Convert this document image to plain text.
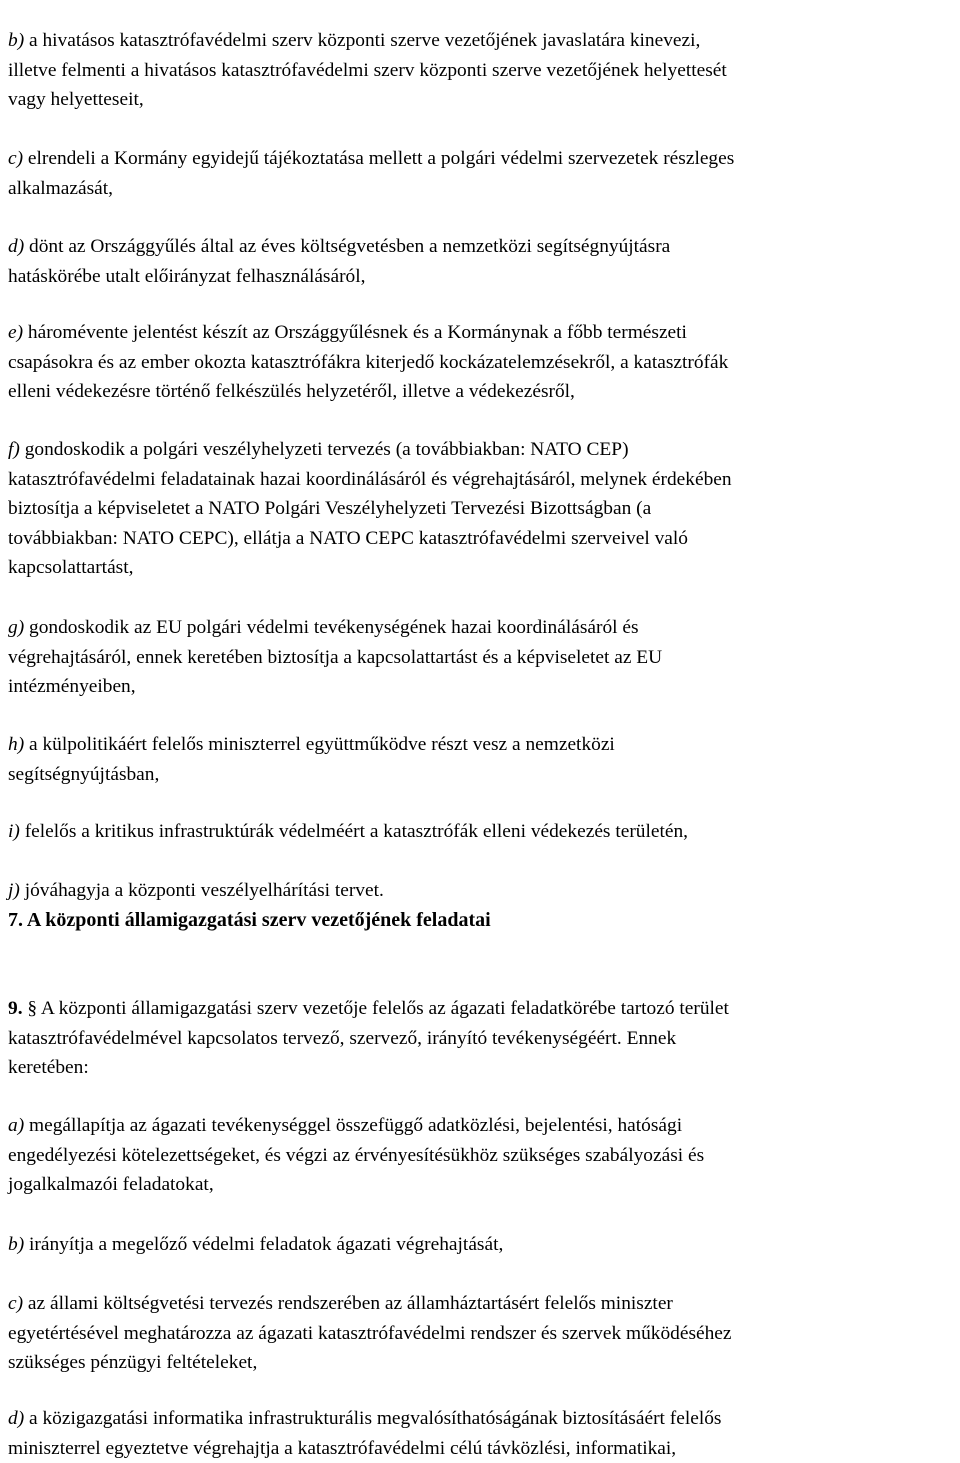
b) a hivatásos katasztrófavédelmi szerv központi szerve vezetőjének javaslatára kinevezi,
illetve felmenti a hivatásos katasztrófavédelmi szerv központi szerve vezetőjének helyettesét
vagy helyetteseit,

c) elrendeli a Kormány egyidejű tájékoztatása mellett a polgári védelmi szervezetek részleges
alkalmazását,

d) dönt az Országgyűlés által az éves költségvetésben a nemzetközi segítségnyújtásra
hatáskörébe utalt előirányzat felhasználásáról,

e) háromévente jelentést készít az Országgyűlésnek és a Kormánynak a főbb természeti
csapásokra és az ember okozta katasztrófákra kiterjedő kockázatelemzésekről, a katasztrófák
elleni védekezésre történő felkészülés helyzetéről, illetve a védekezésről,

f) gondoskodik a polgári veszélyhelyzeti tervezés (a továbbiakban: NATO CEP)
katasztrófavédelmi feladatainak hazai koordinálásáról és végrehajtásáról, melynek érdekében
biztosítja a képviseletet a NATO Polgári Veszélyhelyzeti Tervezési Bizottságban (a
továbbiakban: NATO CEPC), ellátja a NATO CEPC katasztrófavédelmi szerveivel való
kapcsolattartást,

g) gondoskodik az EU polgári védelmi tevékenységének hazai koordinálásáról és
végrehajtásáról, ennek keretében biztosítja a kapcsolattartást és a képviseletet az EU
intézményeiben,

h) a külpolitikáért felelős miniszterrel együttműködve részt vesz a nemzetközi
segítségnyújtásban,

i) felelős a kritikus infrastruktúrák védelméért a katasztrófák elleni védekezés területén,

j) jóváhagyja a központi veszélyelhárítási tervet.

7. A központi államigazgatási szerv vezetőjének feladatai

9. § A központi államigazgatási szerv vezetője felelős az ágazati feladatkörébe tartozó terület
katasztrófavédelmével kapcsolatos tervező, szervező, irányító tevékenységéért. Ennek
keretében:

a) megállapítja az ágazati tevékenységgel összefüggő adatközlési, bejelentési, hatósági
engedélyezési kötelezettségeket, és végzi az érvényesítésükhöz szükséges szabályozási és
jogalkalmazói feladatokat,

b) irányítja a megelőző védelmi feladatok ágazati végrehajtását,

c) az állami költségvetési tervezés rendszerében az államháztartásért felelős miniszter
egyetértésével meghatározza az ágazati katasztrófavédelmi rendszer és szervek működéséhez
szükséges pénzügyi feltételeket,

d) a közigazgatási informatika infrastrukturális megvalósíthatóságának biztosításáért felelős
miniszterrel egyeztetve végrehajtja a katasztrófavédelmi célú távközlési, informatikai,
